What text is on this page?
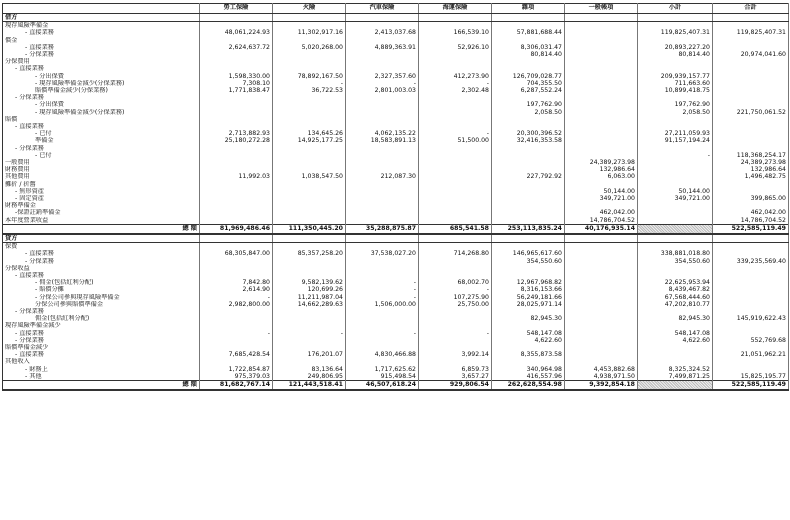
	勞工保險	火險	汽車保險	海運保險	雜項	一般帳項	小計	合計
借方								
現存風險準備金								
- 直接業務	48,061,224.93	11,302,917.16	2,413,037.68	166,539.10	57,881,688.44		119,825,407.31	119,825,407.31
償金								
- 直接業務	2,624,637.72	5,020,268.00	4,889,363.91	52,926.10	8,306,031.47		20,893,227.20	
- 分保業務					80,814.40		80,814.40	20,974,041.60
分保費用								
- 直接業務								
- 分出保費	1,598,330.00	78,892,167.50	2,327,357.60	412,273.90	126,709,028.77		209,939,157.77	
- 現存風險準備金減少(分保業務)	7,308.10	-	-	-	704,355.50		711,663.60	
賠償準備金減少(分保業務)	1,771,838.47	36,722.53	2,801,003.03	2,302.48	6,287,552.24		10,899,418.75	
- 分保業務								
- 分出保費					197,762.90		197,762.90	
- 現存風險準備金減少(分保業務)					2,058.50		2,058.50	221,750,061.52
賠償								
- 直接業務								
- 已付	2,713,882.93	134,645.26	4,062,135.22	-	20,300,396.52		27,211,059.93	
準備金	25,180,272.28	14,925,177.25	18,583,891.13	51,500.00	32,416,353.58		91,157,194.24	
- 分保業務								
- 已付							-	118,368,254.17
一般費用						24,389,273.98		24,389,273.98
財務費用						132,986.64		132,986.64
其他費用	11,992.03	1,038,547.50	212,087.30		227,792.92	6,063.00		1,496,482.75
攤折 / 折舊								
- 無形資產						50,144.00	50,144.00	
- 固定資產						349,721.00	349,721.00	399,865.00
財務準備金								
-保證註銷準備金						462,042.00		462,042.00
本年度營業收益						14,786,704.52		14,786,704.52
總 額	81,969,486.46	111,350,445.20	35,288,875.87	685,541.58	253,113,835.24	40,176,935.14		522,585,119.49
貸方								
保費								
- 直接業務	68,305,847.00	85,357,258.20	37,538,027.20	714,268.80	146,965,617.60		338,881,018.80	
- 分保業務					354,550.60		354,550.60	339,235,569.40
分保收益								
- 直接業務								
- 佣金(包括紅利分配)	7,842.80	9,582,139.62	-	68,002.70	12,967,968.82		22,625,953.94	
- 賠償分攤	2,614.90	120,699.26	-	-	8,316,153.66		8,439,467.82	
- 分保公司參與現存風險準備金	-	11,211,987.04	-	107,275.90	56,249,181.66		67,568,444.60	
分保公司參與賠償準備金	2,982,800.00	14,662,289.63	1,506,000.00	25,750.00	28,025,971.14		47,202,810.77	
- 分保業務								
佣金(包括紅利分配)					82,945.30		82,945.30	145,919,622.43
現存風險準備金減少								
- 直接業務	-	-	-	-	548,147.08		548,147.08	
- 分保業務					4,622.60		4,622.60	552,769.68
賠償準備金減少								
- 直接業務	7,685,428.54	176,201.07	4,830,466.88	3,992.14	8,355,873.58			21,051,962.21
其他收入								
- 財務上	1,722,854.87	83,136.64	1,717,625.62	6,859.73	340,964.98	4,453,882.68	8,325,324.52	
- 其他	975,379.03	249,806.95	915,498.54	3,657.27	416,557.96	4,938,971.50	7,499,871.25	15,825,195.77
總 額	81,682,767.14	121,443,518.41	46,507,618.24	929,806.54	262,628,554.98	9,392,854.18		522,585,119.49
